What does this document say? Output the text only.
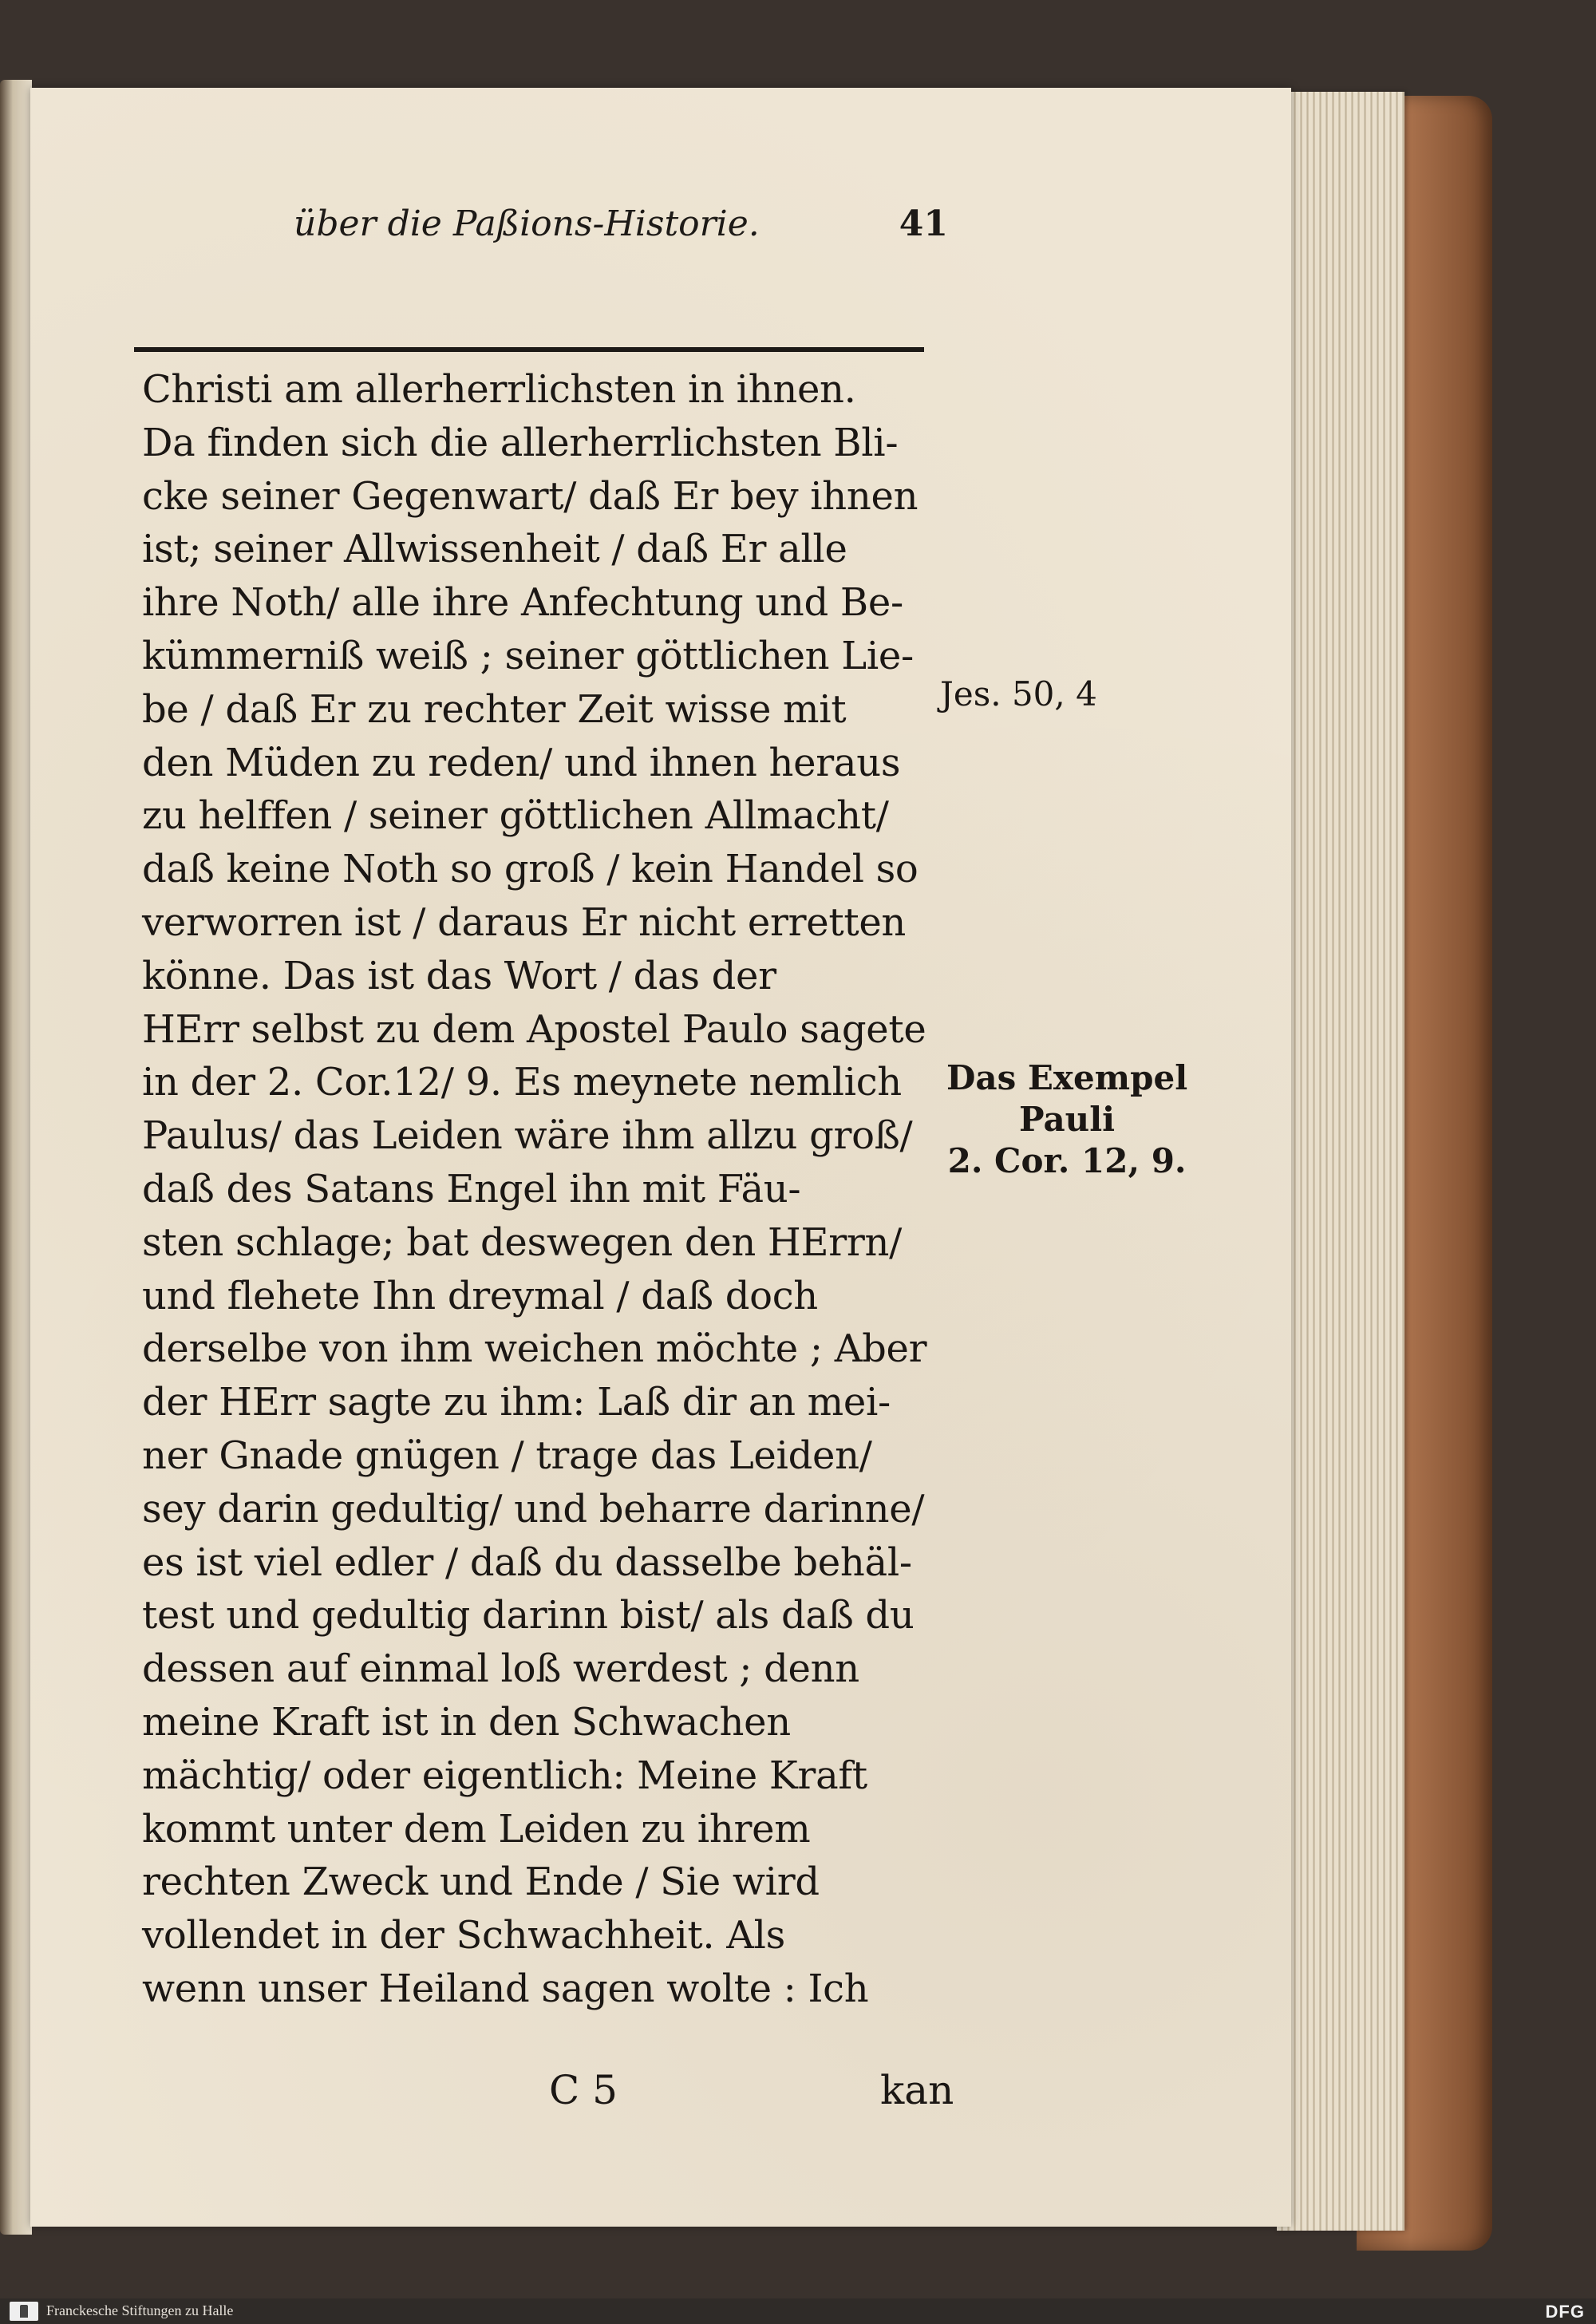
über die Paßions-Historie.	41
Christi am allerherrlichsten in ihnen.
Da finden sich die allerherrlichsten Bli-
cke seiner Gegenwart/ daß Er bey ihnen
ist; seiner Allwissenheit / daß Er alle
ihre Noth/ alle ihre Anfechtung und Be-
kümmerniß weiß ; seiner göttlichen Lie-
be / daß Er zu rechter Zeit wisse mit
den Müden zu reden/ und ihnen heraus
zu helffen / seiner göttlichen Allmacht/
daß keine Noth so groß / kein Handel so
verworren ist / daraus Er nicht erretten
könne. Das ist das Wort / das der
HErr selbst zu dem Apostel Paulo sagete
in der 2. Cor.12/ 9. Es meynete nemlich
Paulus/ das Leiden wäre ihm allzu groß/
daß des Satans Engel ihn mit Fäu-
sten schlage; bat deswegen den HErrn/
und flehete Ihn dreymal / daß doch
derselbe von ihm weichen möchte ; Aber
der HErr sagte zu ihm: Laß dir an mei-
ner Gnade gnügen / trage das Leiden/
sey darin gedultig/ und beharre darinne/
es ist viel edler / daß du dasselbe behäl-
test und gedultig darinn bist/ als daß du
dessen auf einmal loß werdest ; denn
meine Kraft ist in den Schwachen
mächtig/ oder eigentlich: Meine Kraft
kommt unter dem Leiden zu ihrem
rechten Zweck und Ende / Sie wird
vollendet in der Schwachheit. Als
wenn unser Heiland sagen wolte : Ich
Jes. 50, 4
Das Exempel
Pauli
2. Cor. 12, 9.
C 5	kan
Franckesche Stiftungen zu Halle	DFG
